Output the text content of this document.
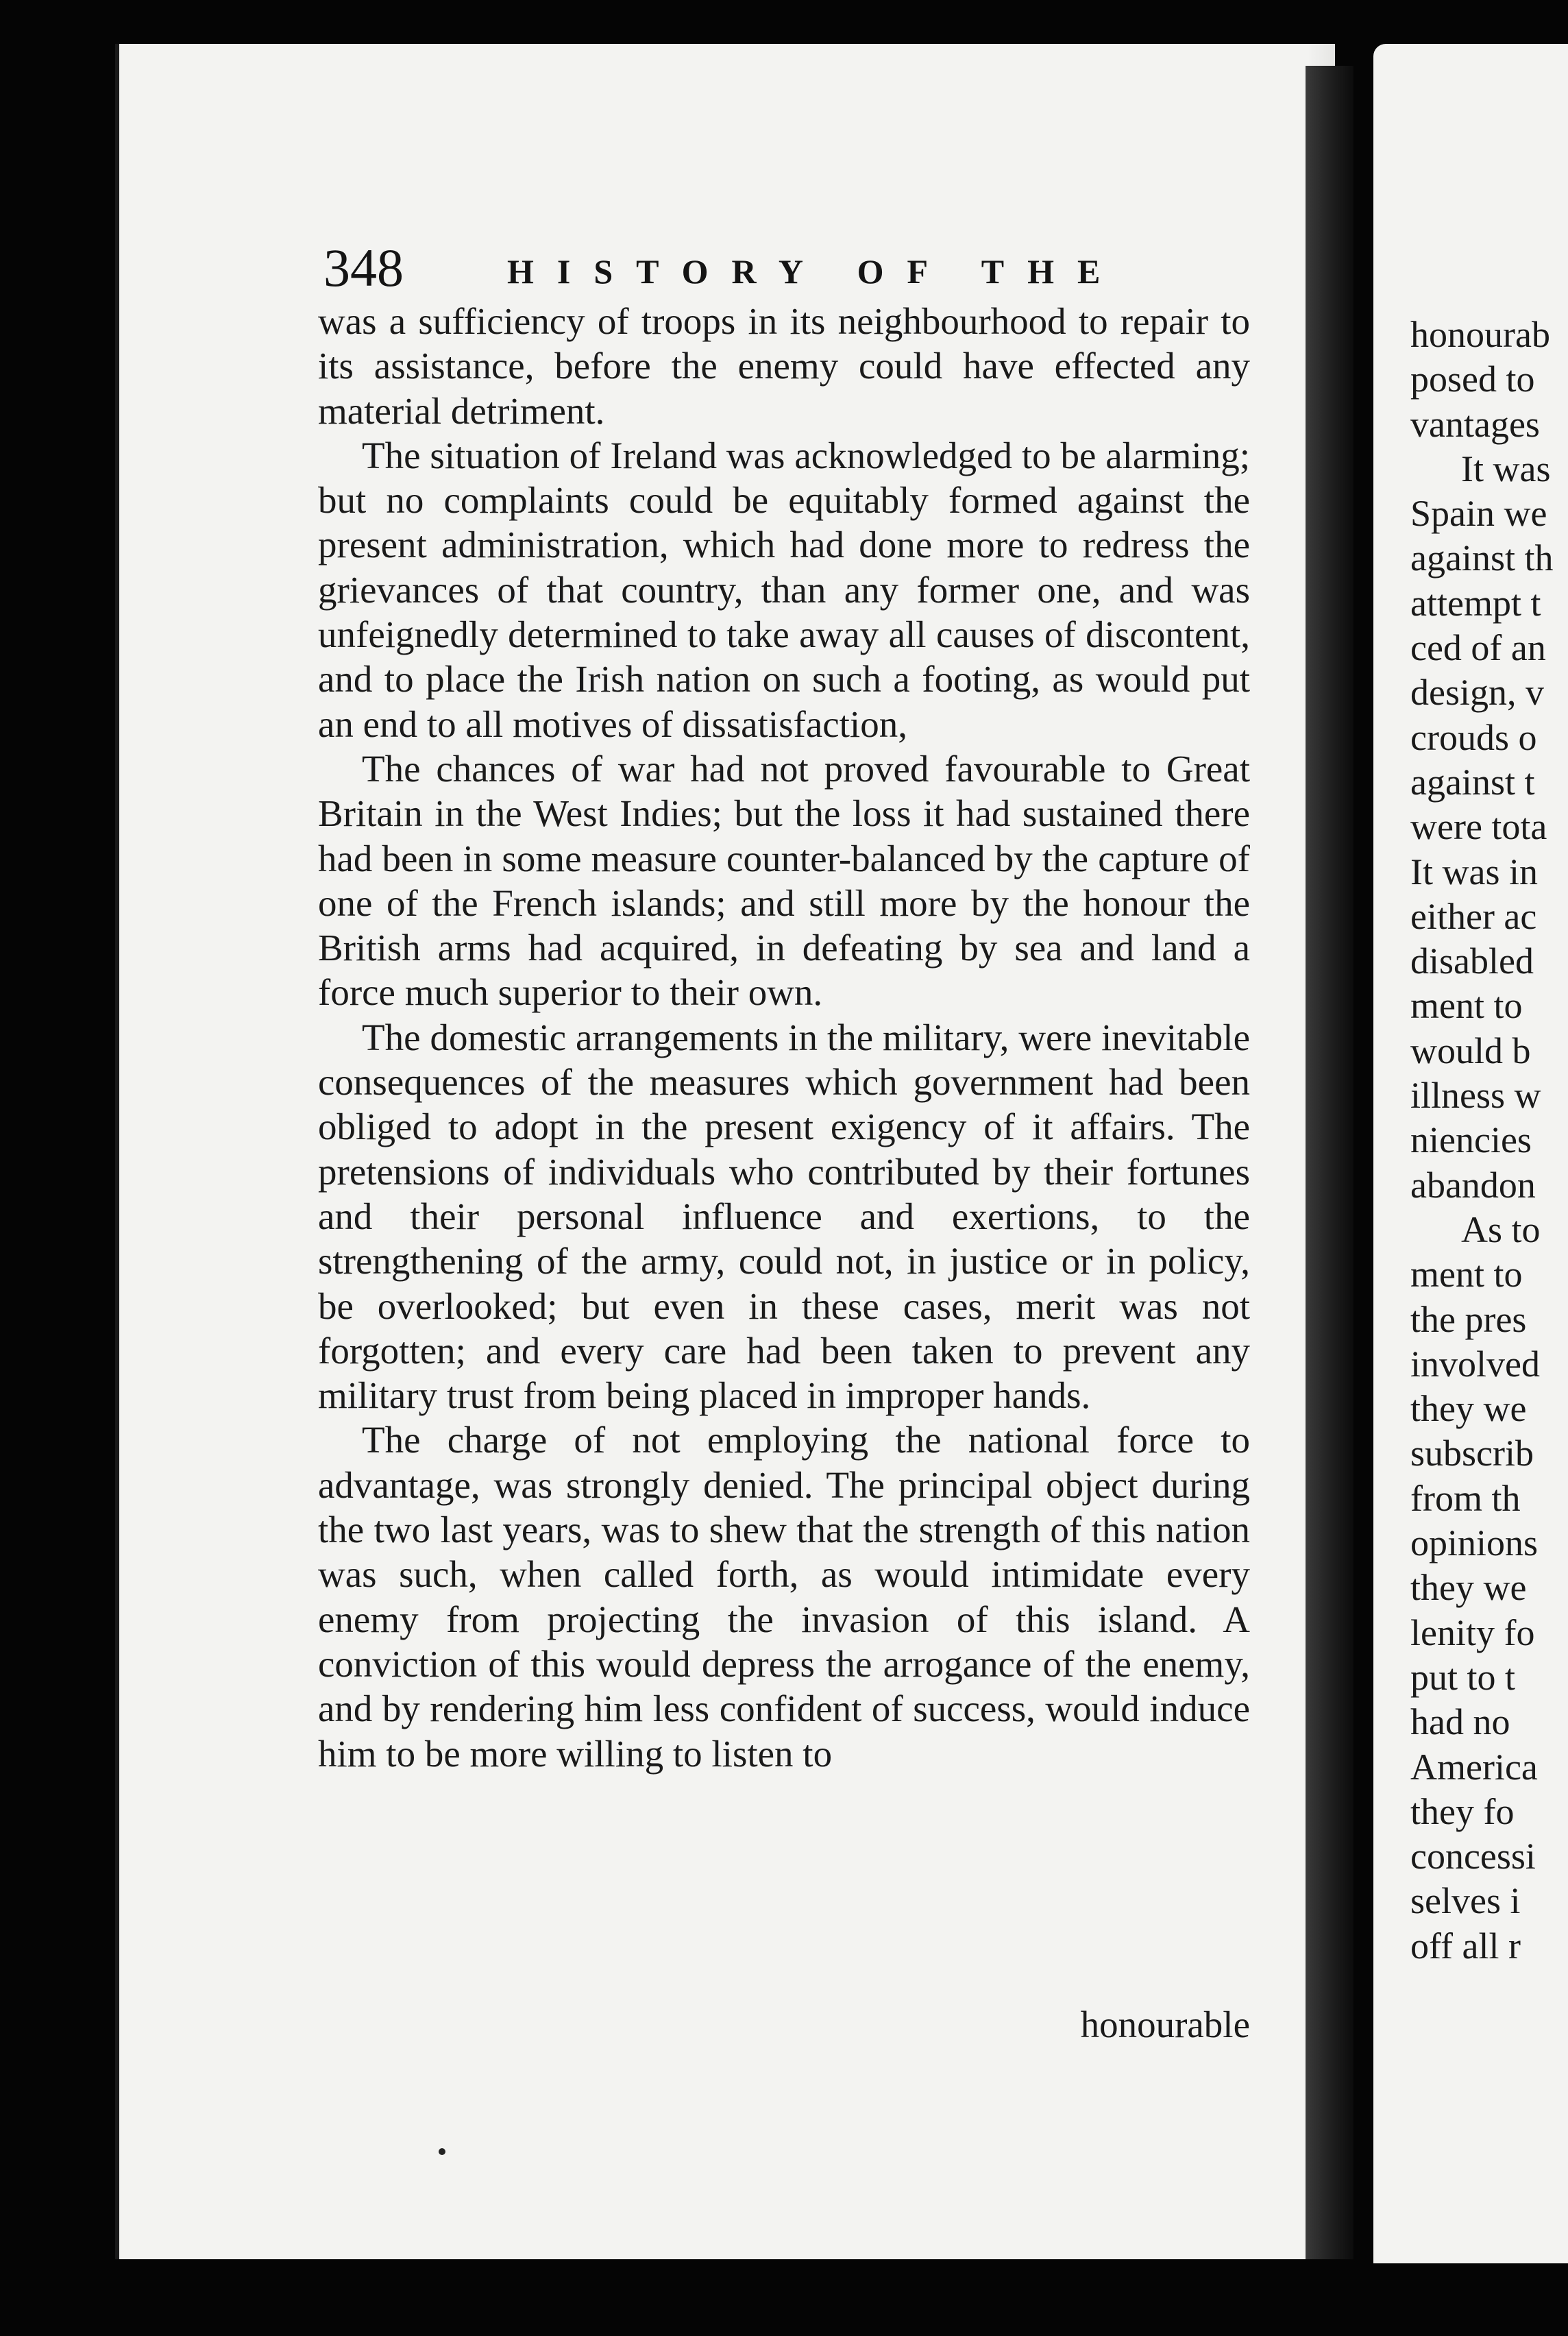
honourab
posed to
vantages
It was
Spain we
against th
attempt t
ced of an
design, v
crouds o
against t
were tota
It was in
either ac
disabled
ment to
would b
illness w
niencies
abandon
As to
ment to
the pres
involved
they we
subscrib
from th
opinions
they we
lenity fo
put to t
had no
America
they fo
concessi
selves i
off all r
348	HISTORY OF THE

was a sufficiency of troops in its neighbourhood to repair to its assistance, before the enemy could have effected any material detriment.

The situation of Ireland was acknowledged to be alarming; but no complaints could be equitably formed against the present administration, which had done more to redress the grievances of that country, than any former one, and was unfeignedly determined to take away all causes of discontent, and to place the Irish nation on such a footing, as would put an end to all motives of dissatisfaction,

The chances of war had not proved favourable to Great Britain in the West Indies; but the loss it had sustained there had been in some measure counter-balanced by the capture of one of the French islands; and still more by the honour the British arms had acquired, in defeating by sea and land a force much superior to their own.

The domestic arrangements in the military, were inevitable consequences of the measures which government had been obliged to adopt in the present exigency of it affairs. The pretensions of individuals who contributed by their fortunes and their personal influence and exertions, to the strengthening of the army, could not, in justice or in policy, be overlooked; but even in these cases, merit was not forgotten; and every care had been taken to prevent any military trust from being placed in improper hands.

The charge of not employing the national force to advantage, was strongly denied. The principal object during the two last years, was to shew that the strength of this nation was such, when called forth, as would intimidate every enemy from projecting the invasion of this island. A conviction of this would depress the arrogance of the enemy, and by rendering him less confident of success, would induce him to be more willing to listen to

honourable
